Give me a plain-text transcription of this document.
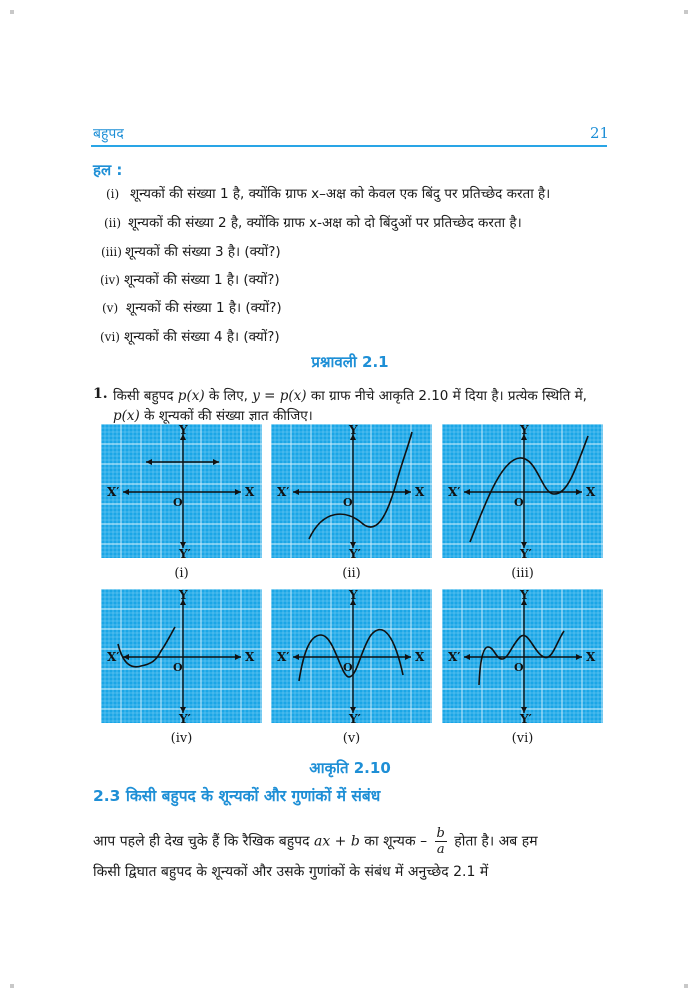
बहुपद	21
हल :
(i) शून्यकों की संख्या 1 है, क्योंकि ग्राफ x–अक्ष को केवल एक बिंदु पर प्रतिच्छेद करता है।
(ii) शून्यकों की संख्या 2 है, क्योंकि ग्राफ x-अक्ष को दो बिंदुओं पर प्रतिच्छेद करता है।
(iii) शून्यकों की संख्या 3 है। (क्यों?)
(iv) शून्यकों की संख्या 1 है। (क्यों?)
(v) शून्यकों की संख्या 1 है। (क्यों?)
(vi) शून्यकों की संख्या 4 है। (क्यों?)
प्रश्नावली 2.1
1. किसी बहुपद p(x) के लिए, y = p(x) का ग्राफ नीचे आकृति 2.10 में दिया है। प्रत्येक स्थिति में,
p(x) के शून्यकों की संख्या ज्ञात कीजिए।
X
X′
Y
Y′
O
X
X′
Y
Y′
O
X
X′
Y
Y′
O
X
X′
Y
Y′
O
X
X′
Y
Y′
O
X
X′
Y
Y′
O
(i)	(ii)	(iii)
(iv)	(v)	(vi)
आकृति 2.10
2.3 किसी बहुपद के शून्यकों और गुणांकों में संबंध
आप पहले ही देख चुके हैं कि रैखिक बहुपद ax + b का शून्यक – $\frac{b}{a}$ होता है। अब हम
किसी द्विघात बहुपद के शून्यकों और उसके गुणांकों के संबंध में अनुच्छेद 2.1 में
